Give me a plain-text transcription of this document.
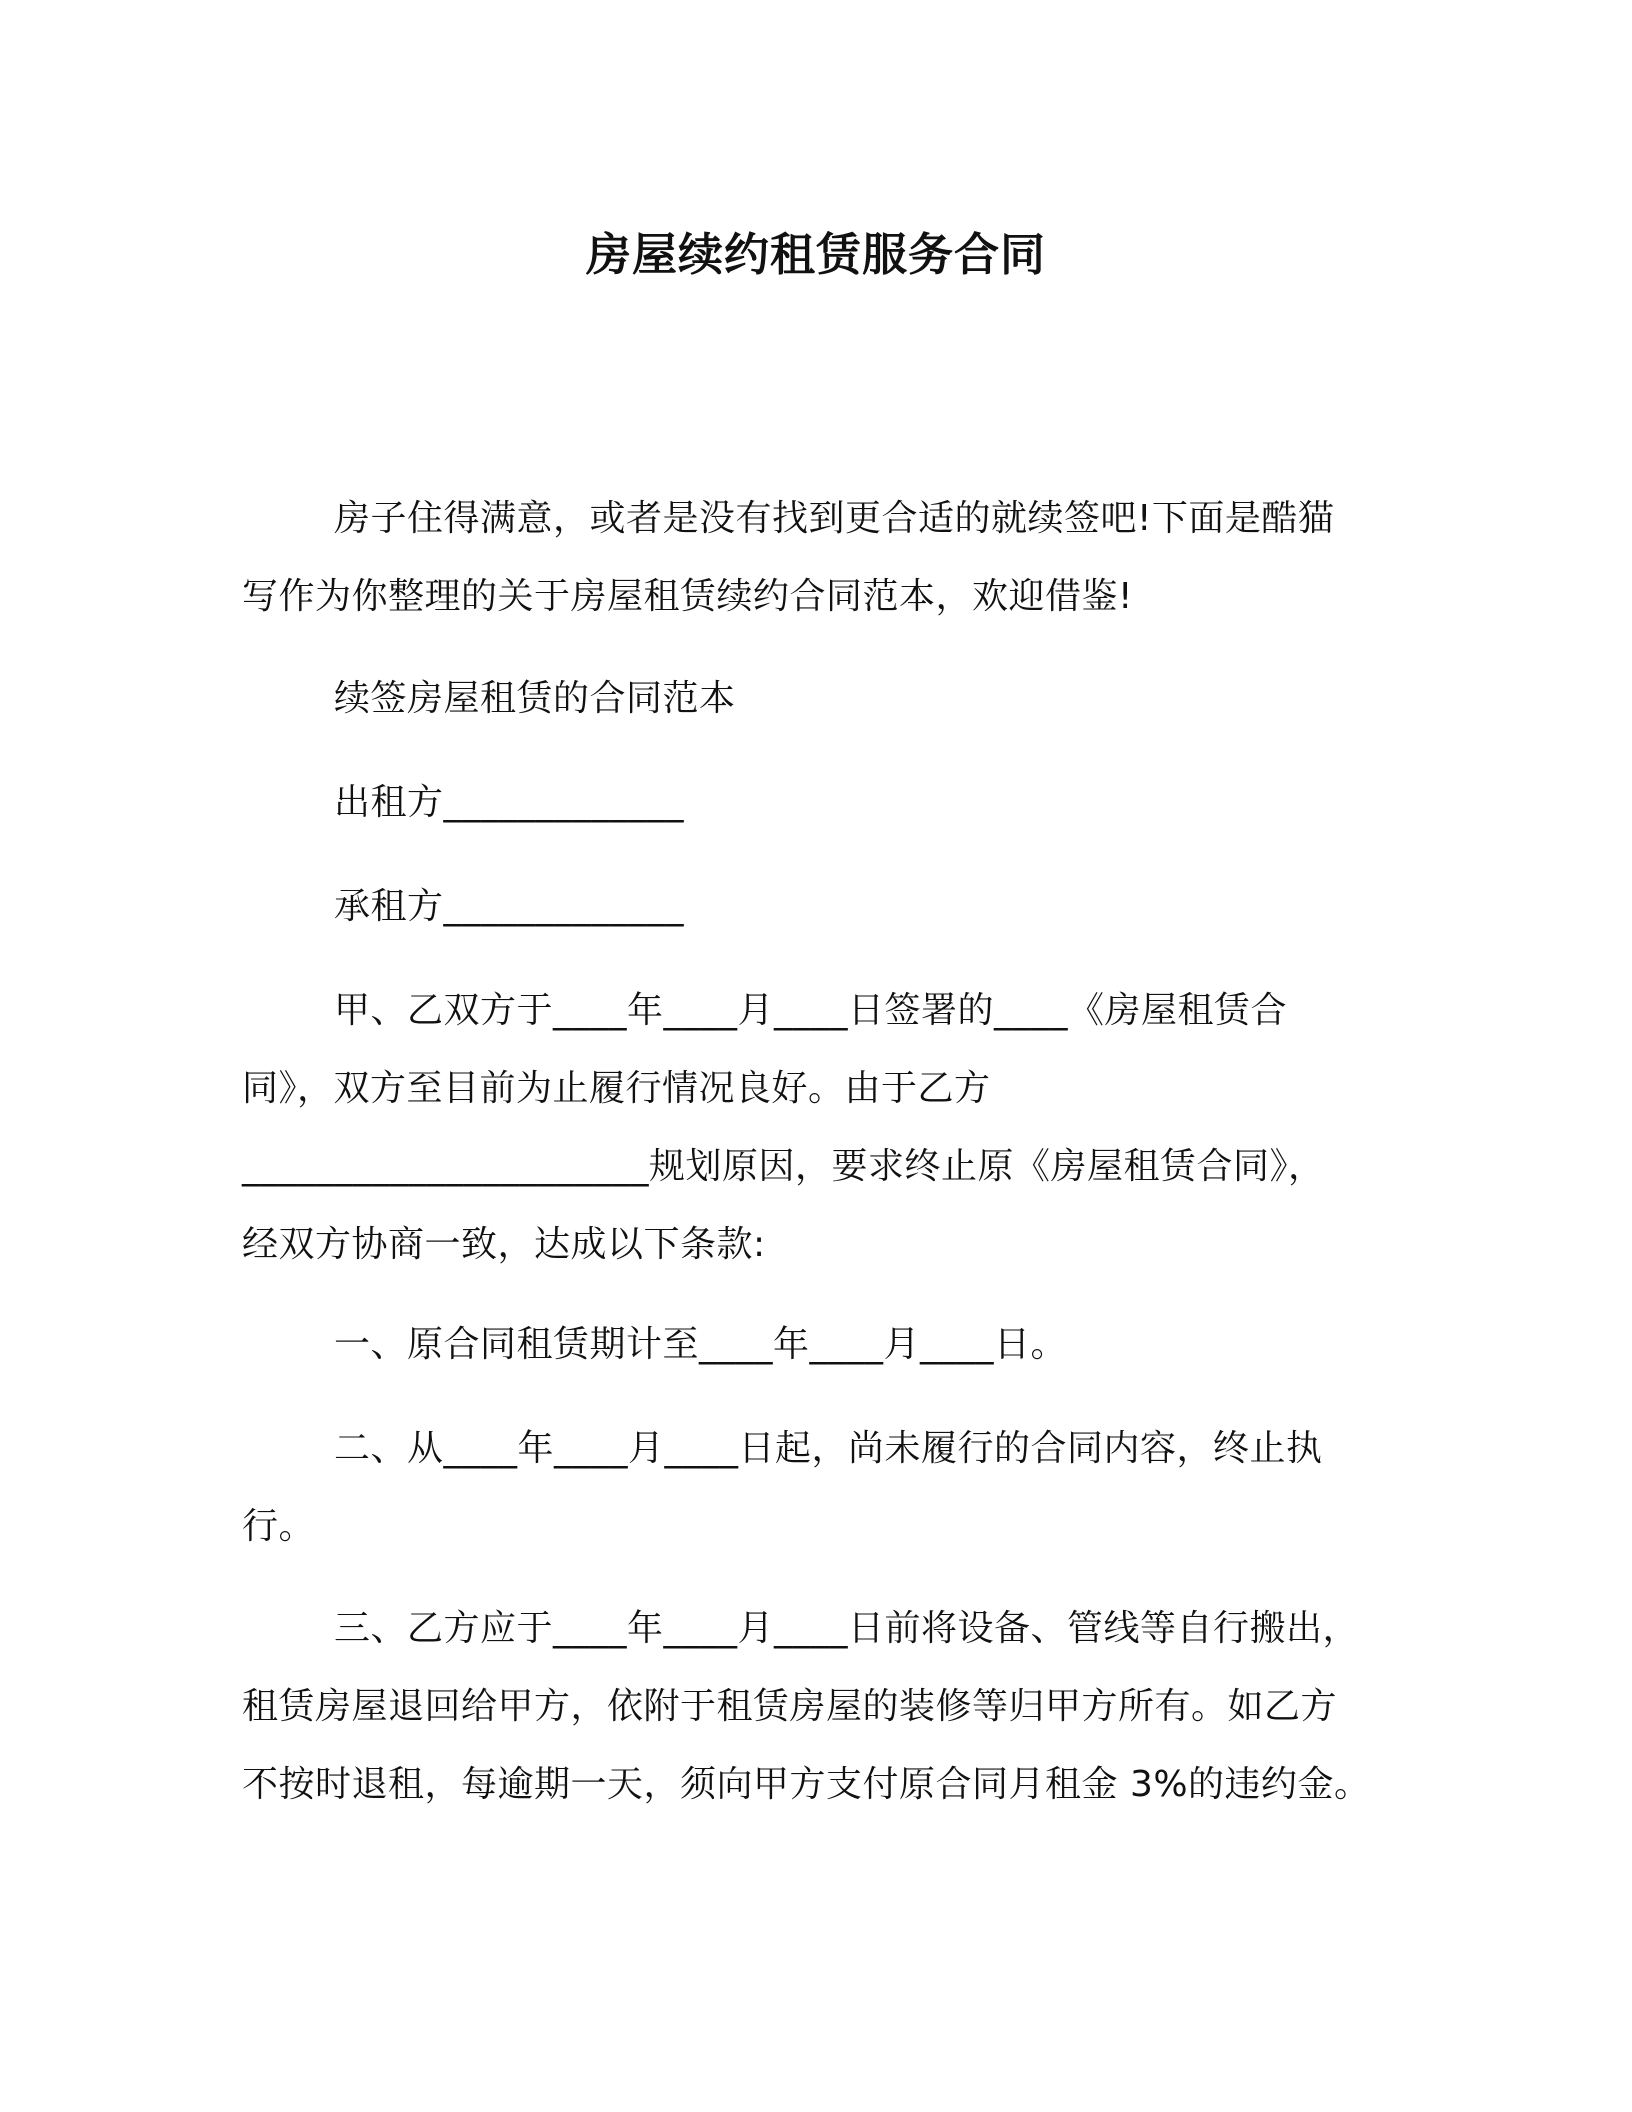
房屋续约租赁服务合同
房子住得满意，或者是没有找到更合适的就续签吧!下面是酷猫
写作为你整理的关于房屋租赁续约合同范本，欢迎借鉴!
续签房屋租赁的合同范本
出租方_____________
承租方_____________
甲、乙双方于____年____月____日签署的____《房屋租赁合
同》，双方至目前为止履行情况良好。由于乙方
______________________规划原因，要求终止原《房屋租赁合同》，
经双方协商一致，达成以下条款:
一、原合同租赁期计至____年____月____日。
二、从____年____月____日起，尚未履行的合同内容，终止执
行。
三、乙方应于____年____月____日前将设备、管线等自行搬出，
租赁房屋退回给甲方，依附于租赁房屋的装修等归甲方所有。如乙方
不按时退租，每逾期一天，须向甲方支付原合同月租金 3%的违约金。
